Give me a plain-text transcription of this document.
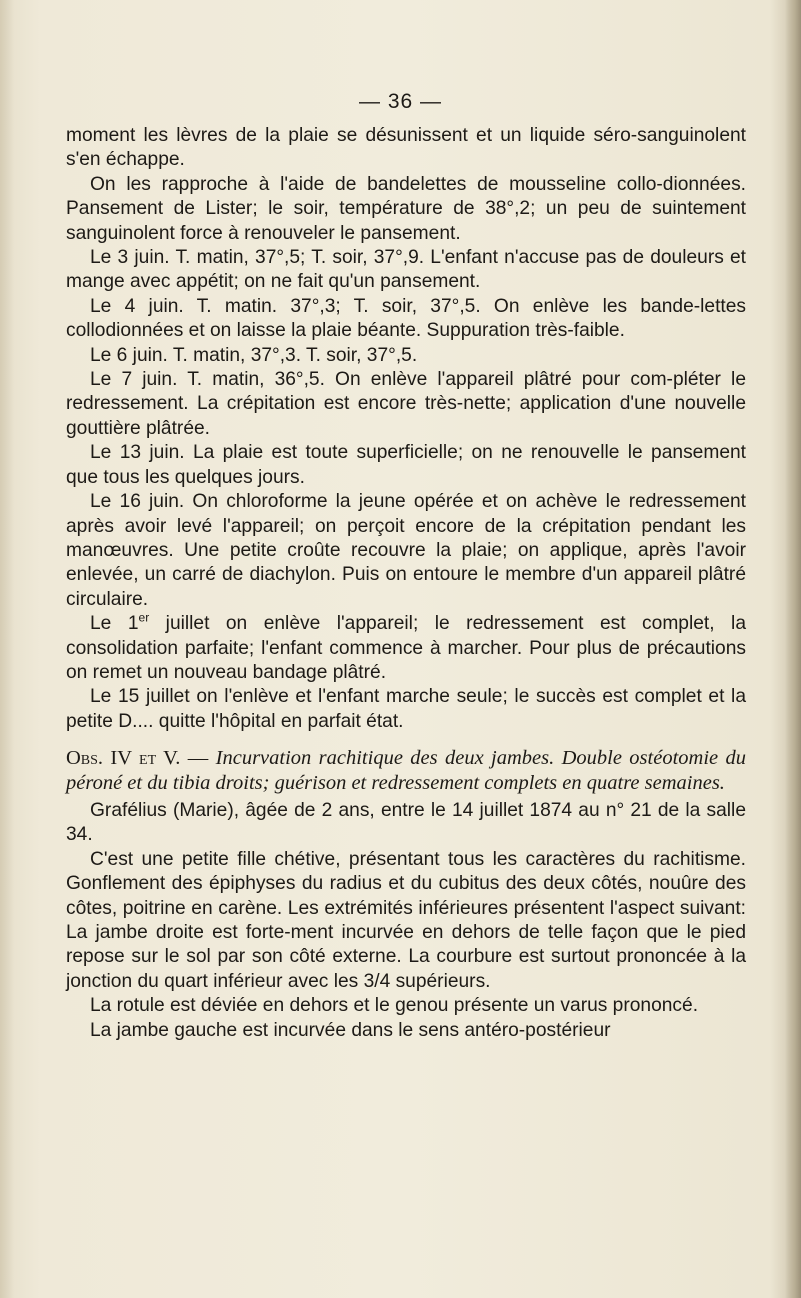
— 36 —

moment les lèvres de la plaie se désunissent et un liquide séro-sanguinolent s'en échappe.

On les rapproche à l'aide de bandelettes de mousseline collo-dionnées. Pansement de Lister; le soir, température de 38°,2; un peu de suintement sanguinolent force à renouveler le pansement.

Le 3 juin. T. matin, 37°,5; T. soir, 37°,9. L'enfant n'accuse pas de douleurs et mange avec appétit; on ne fait qu'un pansement.

Le 4 juin. T. matin. 37°,3; T. soir, 37°,5. On enlève les bande-lettes collodionnées et on laisse la plaie béante. Suppuration très-faible.

Le 6 juin. T. matin, 37°,3. T. soir, 37°,5.

Le 7 juin. T. matin, 36°,5. On enlève l'appareil plâtré pour com-pléter le redressement. La crépitation est encore très-nette; application d'une nouvelle gouttière plâtrée.

Le 13 juin. La plaie est toute superficielle; on ne renouvelle le pansement que tous les quelques jours.

Le 16 juin. On chloroforme la jeune opérée et on achève le redressement après avoir levé l'appareil; on perçoit encore de la crépitation pendant les manœuvres. Une petite croûte recouvre la plaie; on applique, après l'avoir enlevée, un carré de diachylon. Puis on entoure le membre d'un appareil plâtré circulaire.

Le 1er juillet on enlève l'appareil; le redressement est complet, la consolidation parfaite; l'enfant commence à marcher. Pour plus de précautions on remet un nouveau bandage plâtré.

Le 15 juillet on l'enlève et l'enfant marche seule; le succès est complet et la petite D.... quitte l'hôpital en parfait état.

Obs. IV et V. — Incurvation rachitique des deux jambes. Double ostéotomie du péroné et du tibia droits; guérison et redressement complets en quatre semaines.

Grafélius (Marie), âgée de 2 ans, entre le 14 juillet 1874 au n° 21 de la salle 34.

C'est une petite fille chétive, présentant tous les caractères du rachitisme. Gonflement des épiphyses du radius et du cubitus des deux côtés, nouûre des côtes, poitrine en carène. Les extrémités inférieures présentent l'aspect suivant: La jambe droite est forte-ment incurvée en dehors de telle façon que le pied repose sur le sol par son côté externe. La courbure est surtout prononcée à la jonction du quart inférieur avec les 3/4 supérieurs.

La rotule est déviée en dehors et le genou présente un varus prononcé.

La jambe gauche est incurvée dans le sens antéro-postérieur
